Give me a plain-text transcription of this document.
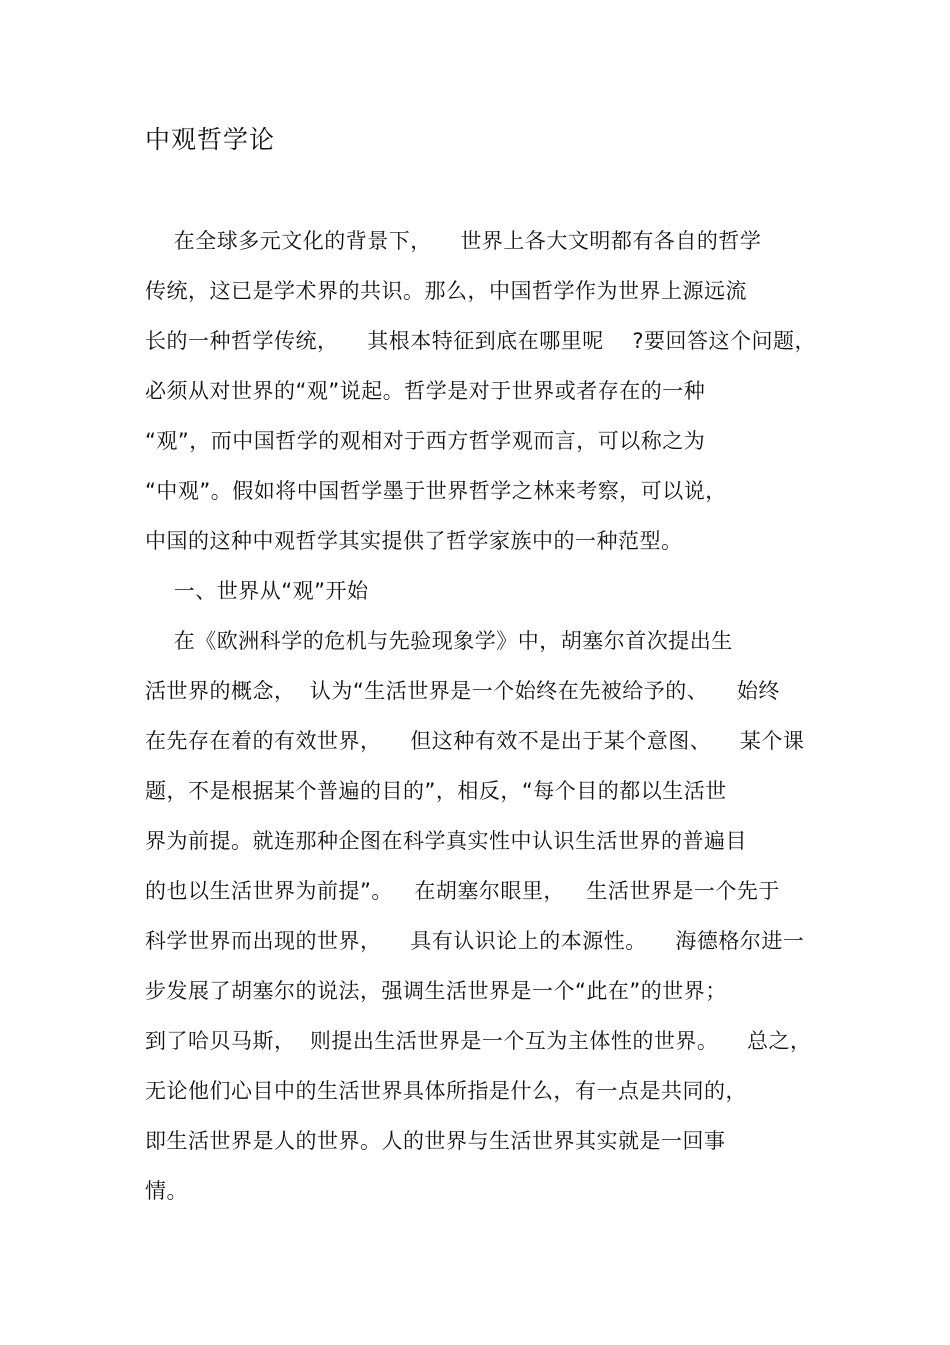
中观哲学论
在全球多元文化的背景下，    世界上各大文明都有各自的哲学
传统，这已是学术界的共识。那么，中国哲学作为世界上源远流
长的一种哲学传统，    其根本特征到底在哪里呢    ?要回答这个问题，
必须从对世界的“观”说起。哲学是对于世界或者存在的一种
“观”，而中国哲学的观相对于西方哲学观而言，可以称之为
“中观”。假如将中国哲学墨于世界哲学之林来考察，可以说，
中国的这种中观哲学其实提供了哲学家族中的一种范型。
一、世界从“观”开始
在《欧洲科学的危机与先验现象学》中，胡塞尔首次提出生
活世界的概念，  认为“生活世界是一个始终在先被给予的、    始终
在先存在着的有效世界，    但这种有效不是出于某个意图、    某个课
题，不是根据某个普遍的目的”，相反，“每个目的都以生活世
界为前提。就连那种企图在科学真实性中认识生活世界的普遍目
的也以生活世界为前提”。   在胡塞尔眼里，   生活世界是一个先于
科学世界而出现的世界，    具有认识论上的本源性。    海德格尔进一
步发展了胡塞尔的说法，强调生活世界是一个“此在”的世界；
到了哈贝马斯，  则提出生活世界是一个互为主体性的世界。    总之，
无论他们心目中的生活世界具体所指是什么，有一点是共同的，
即生活世界是人的世界。人的世界与生活世界其实就是一回事
情。
